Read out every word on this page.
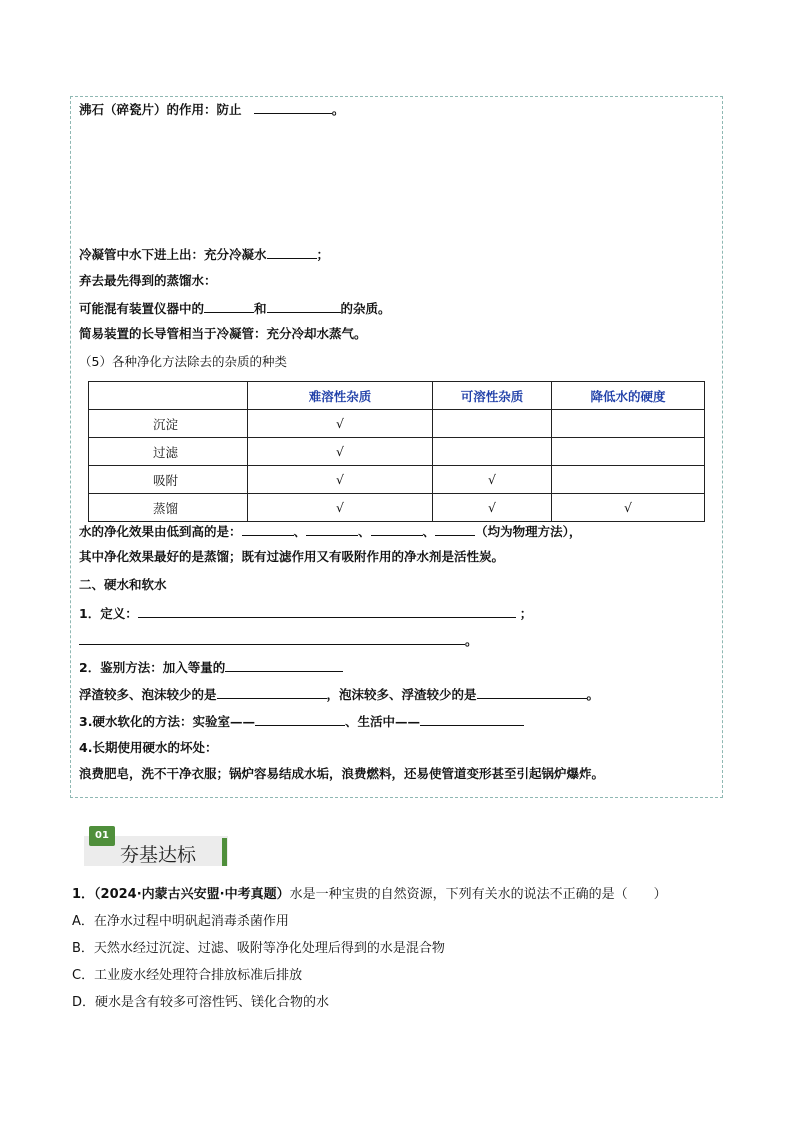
沸石（碎瓷片）的作用：防止	。
冷凝管中水下进上出：充分冷凝水	；
弃去最先得到的蒸馏水：
可能混有装置仪器中的	和	的杂质。
简易装置的长导管相当于冷凝管：充分冷却水蒸气。
（5）各种净化方法除去的杂质的种类
	难溶性杂质	可溶性杂质	降低水的硬度
沉淀	√		
过滤	√		
吸附	√	√	
蒸馏	√	√	√
水的净化效果由低到高的是：	、	、	、	（均为物理方法），
其中净化效果最好的是蒸馏；既有过滤作用又有吸附作用的净水剂是活性炭。
二、硬水和软水
1．定义：	；
。
2．鉴别方法：加入等量的
浮渣较多、泡沫较少的是	，泡沫较多、浮渣较少的是	。
3.硬水软化的方法：实验室——	、生活中——
4.长期使用硬水的坏处：
浪费肥皂，洗不干净衣服；锅炉容易结成水垢，浪费燃料，还易使管道变形甚至引起锅炉爆炸。
01
夯基达标
1．（2024·内蒙古兴安盟·中考真题）水是一种宝贵的自然资源，下列有关水的说法不正确的是（　　）
A．在净水过程中明矾起消毒杀菌作用
B．天然水经过沉淀、过滤、吸附等净化处理后得到的水是混合物
C．工业废水经处理符合排放标准后排放
D．硬水是含有较多可溶性钙、镁化合物的水
